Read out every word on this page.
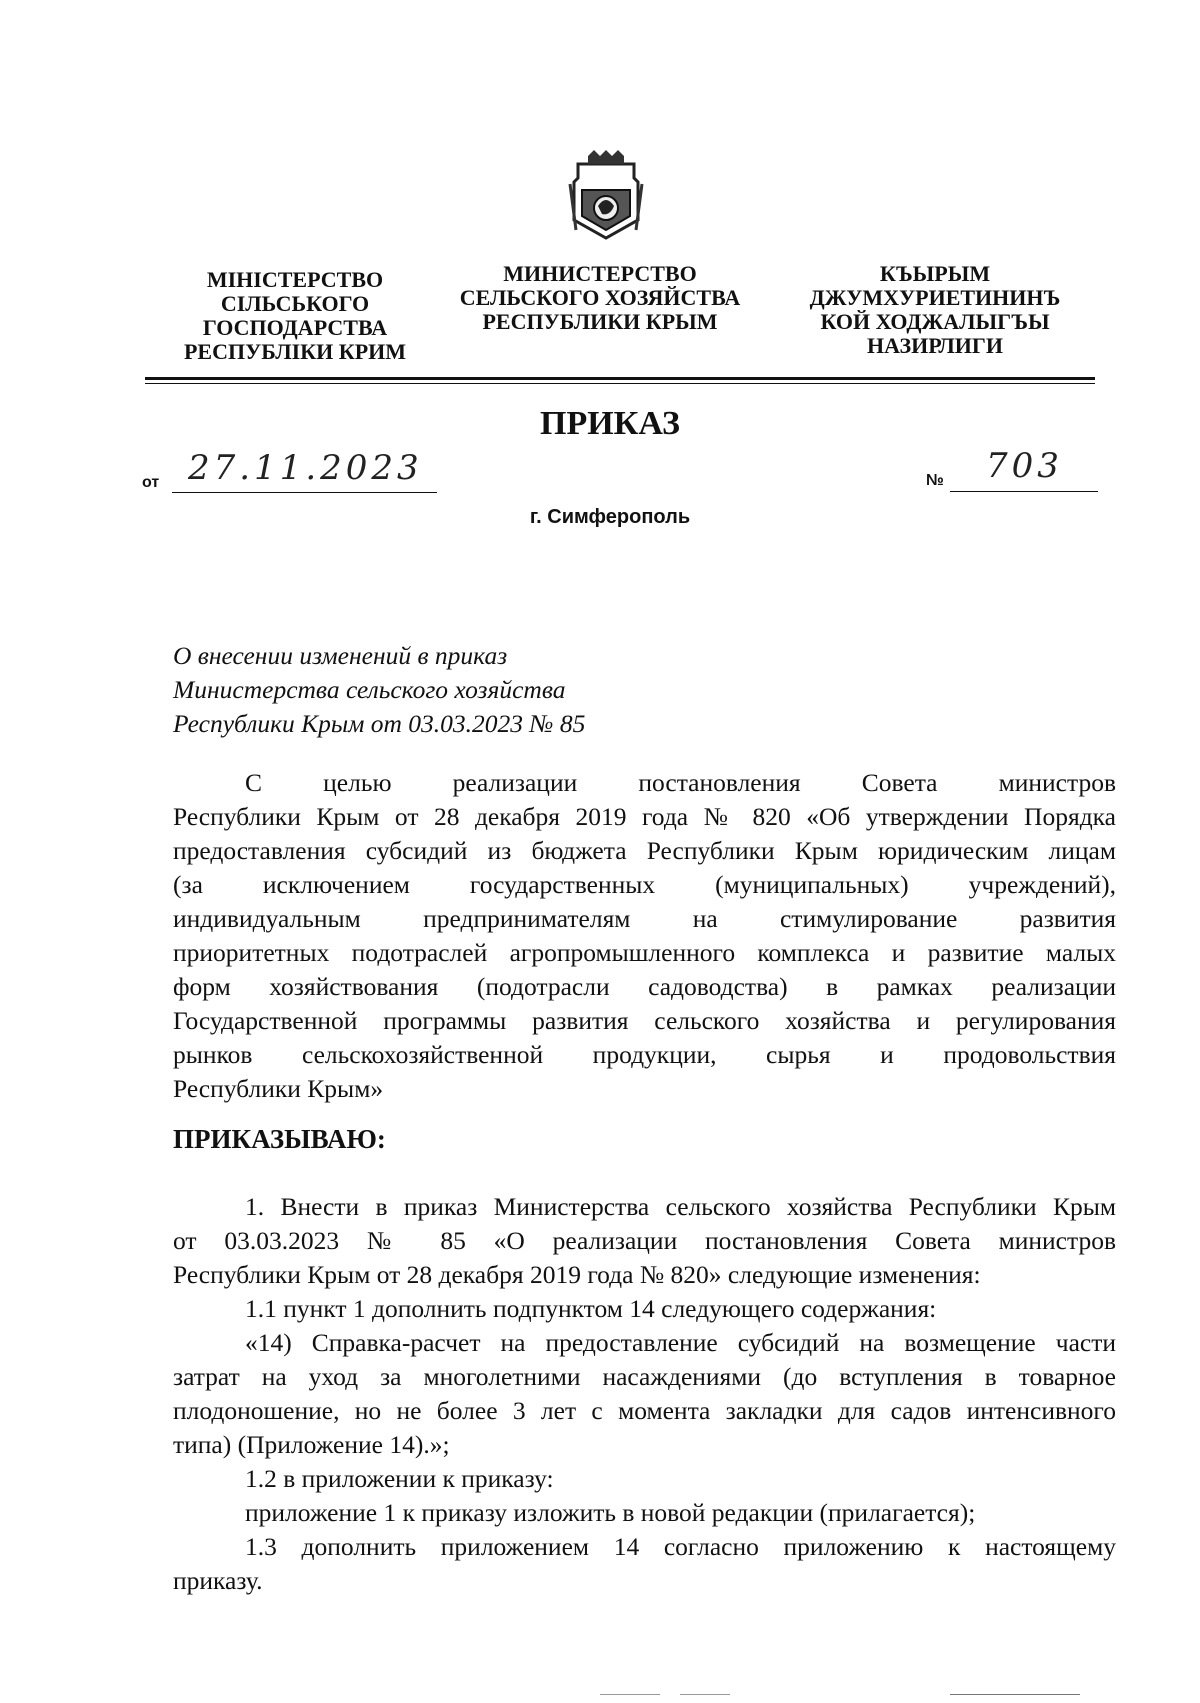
МІНІСТЕРСТВО
СІЛЬСЬКОГО
ГОСПОДАРСТВА
РЕСПУБЛІКИ КРИМ
МИНИСТЕРСТВО
СЕЛЬСКОГО ХОЗЯЙСТВА
РЕСПУБЛИКИ КРЫМ
КЪЫРЫМ
ДЖУМХУРИЕТИНИНЪ
КОЙ ХОДЖАЛЫГЪЫ
НАЗИРЛИГИ
ПРИКАЗ
от 27.11.2023	№ 703
г. Симферополь
О внесении изменений в приказ
Министерства сельского хозяйства
Республики Крым от 03.03.2023 № 85
С целью реализации постановления Совета министров
Республики Крым от 28 декабря 2019 года № 820 «Об утверждении Порядка
предоставления субсидий из бюджета Республики Крым юридическим лицам
(за исключением государственных (муниципальных) учреждений),
индивидуальным предпринимателям на стимулирование развития
приоритетных подотраслей агропромышленного комплекса и развитие малых
форм хозяйствования (подотрасли садоводства) в рамках реализации
Государственной программы развития сельского хозяйства и регулирования
рынков сельскохозяйственной продукции, сырья и продовольствия
Республики Крым»
ПРИКАЗЫВАЮ:
1. Внести в приказ Министерства сельского хозяйства Республики Крым
от 03.03.2023 № 85 «О реализации постановления Совета министров
Республики Крым от 28 декабря 2019 года № 820» следующие изменения:
1.1 пункт 1 дополнить подпунктом 14 следующего содержания:
«14) Справка-расчет на предоставление субсидий на возмещение части
затрат на уход за многолетними насаждениями (до вступления в товарное
плодоношение, но не более 3 лет с момента закладки для садов интенсивного
типа) (Приложение 14).»;
1.2 в приложении к приказу:
приложение 1 к приказу изложить в новой редакции (прилагается);
1.3 дополнить приложением 14 согласно приложению к настоящему
приказу.
